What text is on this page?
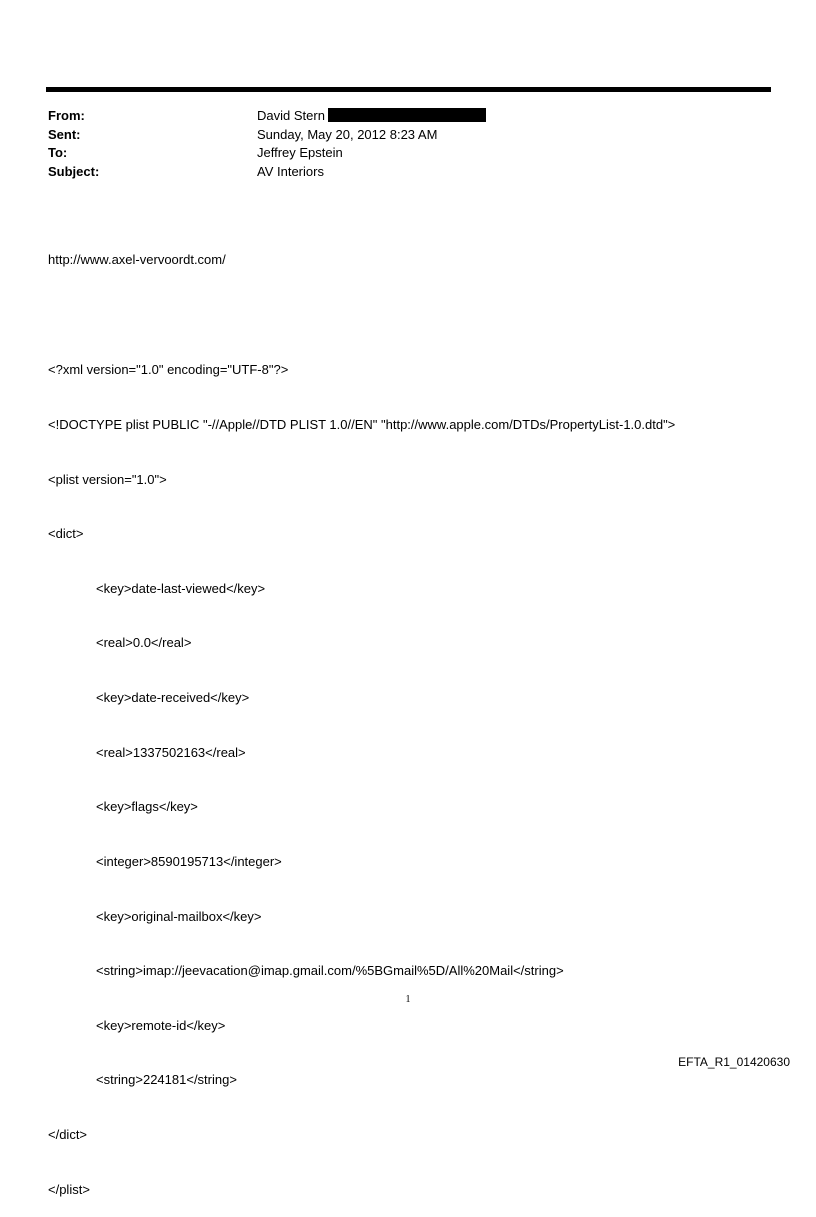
From:	David Stern
Sent:	Sunday, May 20, 2012 8:23 AM
To:	Jeffrey Epstein
Subject:	AV Interiors

http://www.axel-vervoordt.com/

<?xml version="1.0" encoding="UTF-8"?>

<!DOCTYPE plist PUBLIC "-//Apple//DTD PLIST 1.0//EN" "http://www.apple.com/DTDs/PropertyList-1.0.dtd">

<plist version="1.0">

<dict>

<key>date-last-viewed</key>

<real>0.0</real>

<key>date-received</key>

<real>1337502163</real>

<key>flags</key>

<integer>8590195713</integer>

<key>original-mailbox</key>

<string>imap://jeevacation@imap.gmail.com/%5BGmail%5D/All%20Mail</string>

<key>remote-id</key>

<string>224181</string>

</dict>

</plist>

1
EFTA_R1_01420630
